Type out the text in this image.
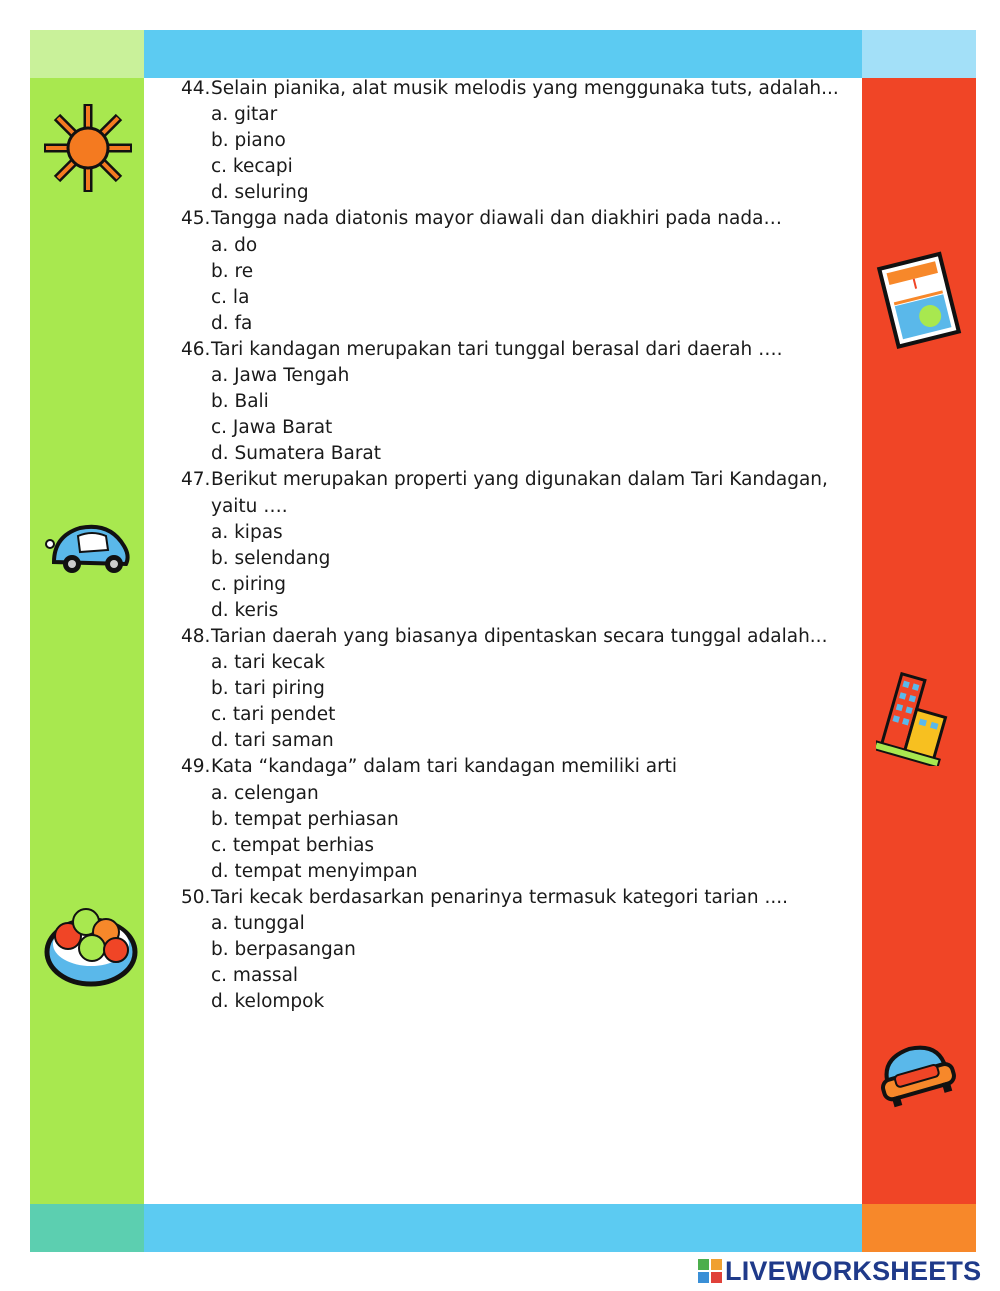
44. Selain pianika, alat musik melodis yang menggunaka tuts, adalah...
a. gitar
b. piano
c. kecapi
d. seluring
45. Tangga nada diatonis mayor diawali dan diakhiri pada nada…
a. do
b. re
c. la
d. fa
46. Tari kandagan merupakan tari tunggal berasal dari daerah ….
a. Jawa Tengah
b. Bali
c. Jawa Barat
d. Sumatera Barat
47. Berikut merupakan properti yang digunakan dalam Tari Kandagan, yaitu ….
a. kipas
b. selendang
c. piring
d. keris
48. Tarian daerah yang biasanya dipentaskan secara tunggal adalah...
a. tari kecak
b. tari piring
c. tari pendet
d. tari saman
49. Kata “kandaga” dalam tari kandagan memiliki arti
a. celengan
b. tempat perhiasan
c. tempat berhias
d. tempat menyimpan
50. Tari kecak berdasarkan penarinya termasuk kategori tarian ....
a. tunggal
b. berpasangan
c. massal
d. kelompok
LIVEWORKSHEETS
